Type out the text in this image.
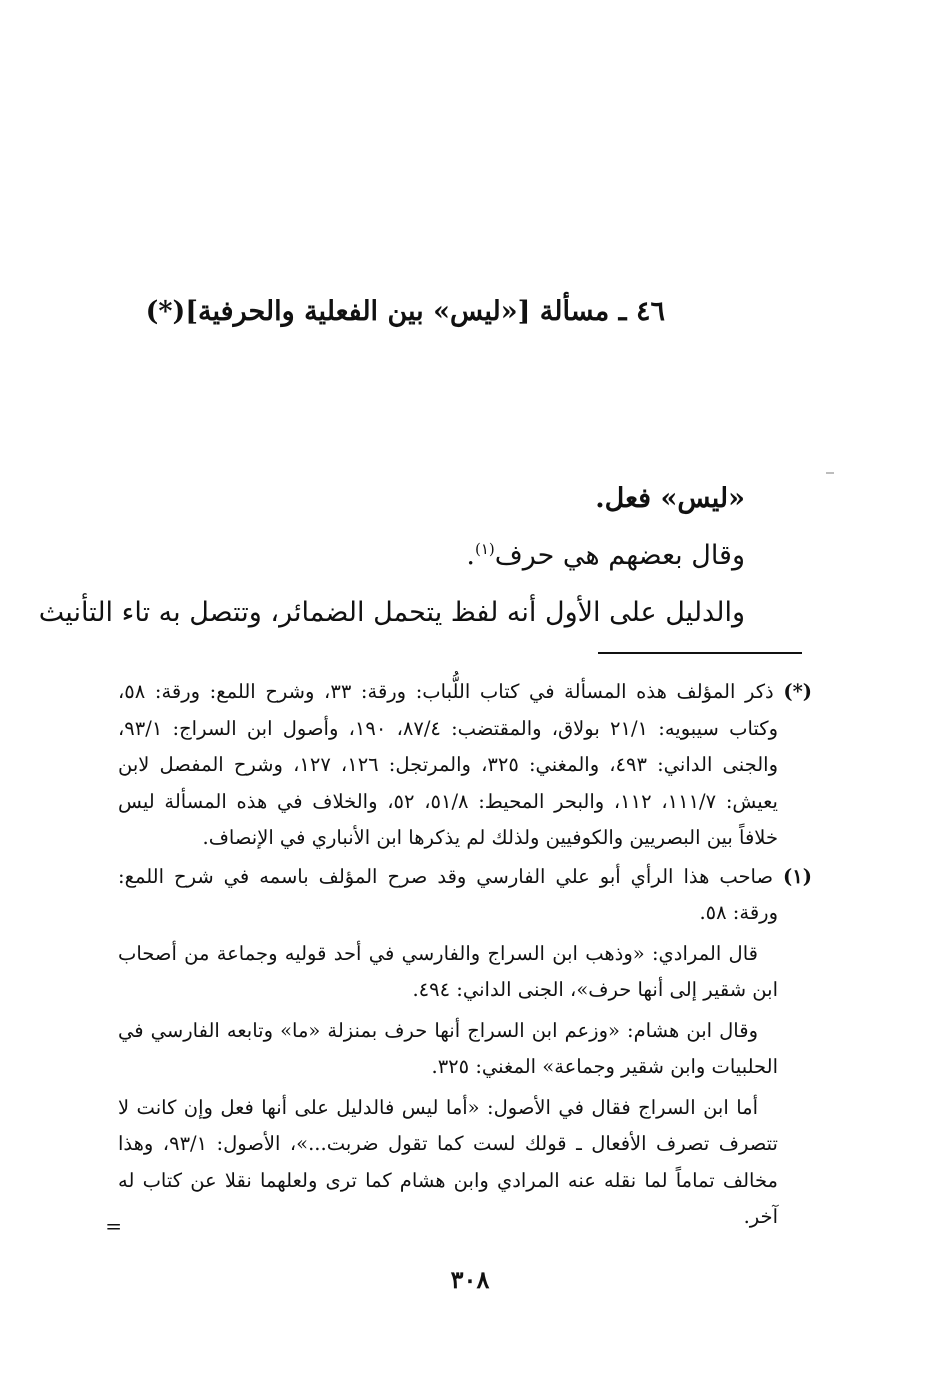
٤٦ ـ مسألة [«ليس» بين الفعلية والحرفية](*)

«ليس» فعل.

وقال بعضهم هي حرف$^{(١)}$.

والدليل على الأول أنه لفظ يتحمل الضمائر، وتتصل به تاء التأنيث

(*) ذكر المؤلف هذه المسألة في كتاب اللُّباب: ورقة: ٣٣، وشرح اللمع: ورقة: ٥٨، وكتاب سيبويه: ٢١/١ بولاق، والمقتضب: ٨٧/٤، ١٩٠، وأصول ابن السراج: ٩٣/١، والجنى الداني: ٤٩٣، والمغني: ٣٢٥، والمرتجل: ١٢٦، ١٢٧، وشرح المفصل لابن يعيش: ١١١/٧، ١١٢، والبحر المحيط: ٥١/٨، ٥٢، والخلاف في هذه المسألة ليس خلافاً بين البصريين والكوفيين ولذلك لم يذكرها ابن الأنباري في الإنصاف.

(١) صاحب هذا الرأي أبو علي الفارسي وقد صرح المؤلف باسمه في شرح اللمع: ورقة: ٥٨.

قال المرادي: «وذهب ابن السراج والفارسي في أحد قوليه وجماعة من أصحاب ابن شقير إلى أنها حرف»، الجنى الداني: ٤٩٤.

وقال ابن هشام: «وزعم ابن السراج أنها حرف بمنزلة «ما» وتابعه الفارسي في الحلبيات وابن شقير وجماعة» المغني: ٣٢٥.

أما ابن السراج فقال في الأصول: «أما ليس فالدليل على أنها فعل وإن كانت لا تتصرف تصرف الأفعال ـ قولك لست كما تقول ضربت...»، الأصول: ٩٣/١، وهذا مخالف تماماً لما نقله عنه المرادي وابن هشام كما ترى ولعلهما نقلا عن كتاب له آخر.

=
٣٠٨
